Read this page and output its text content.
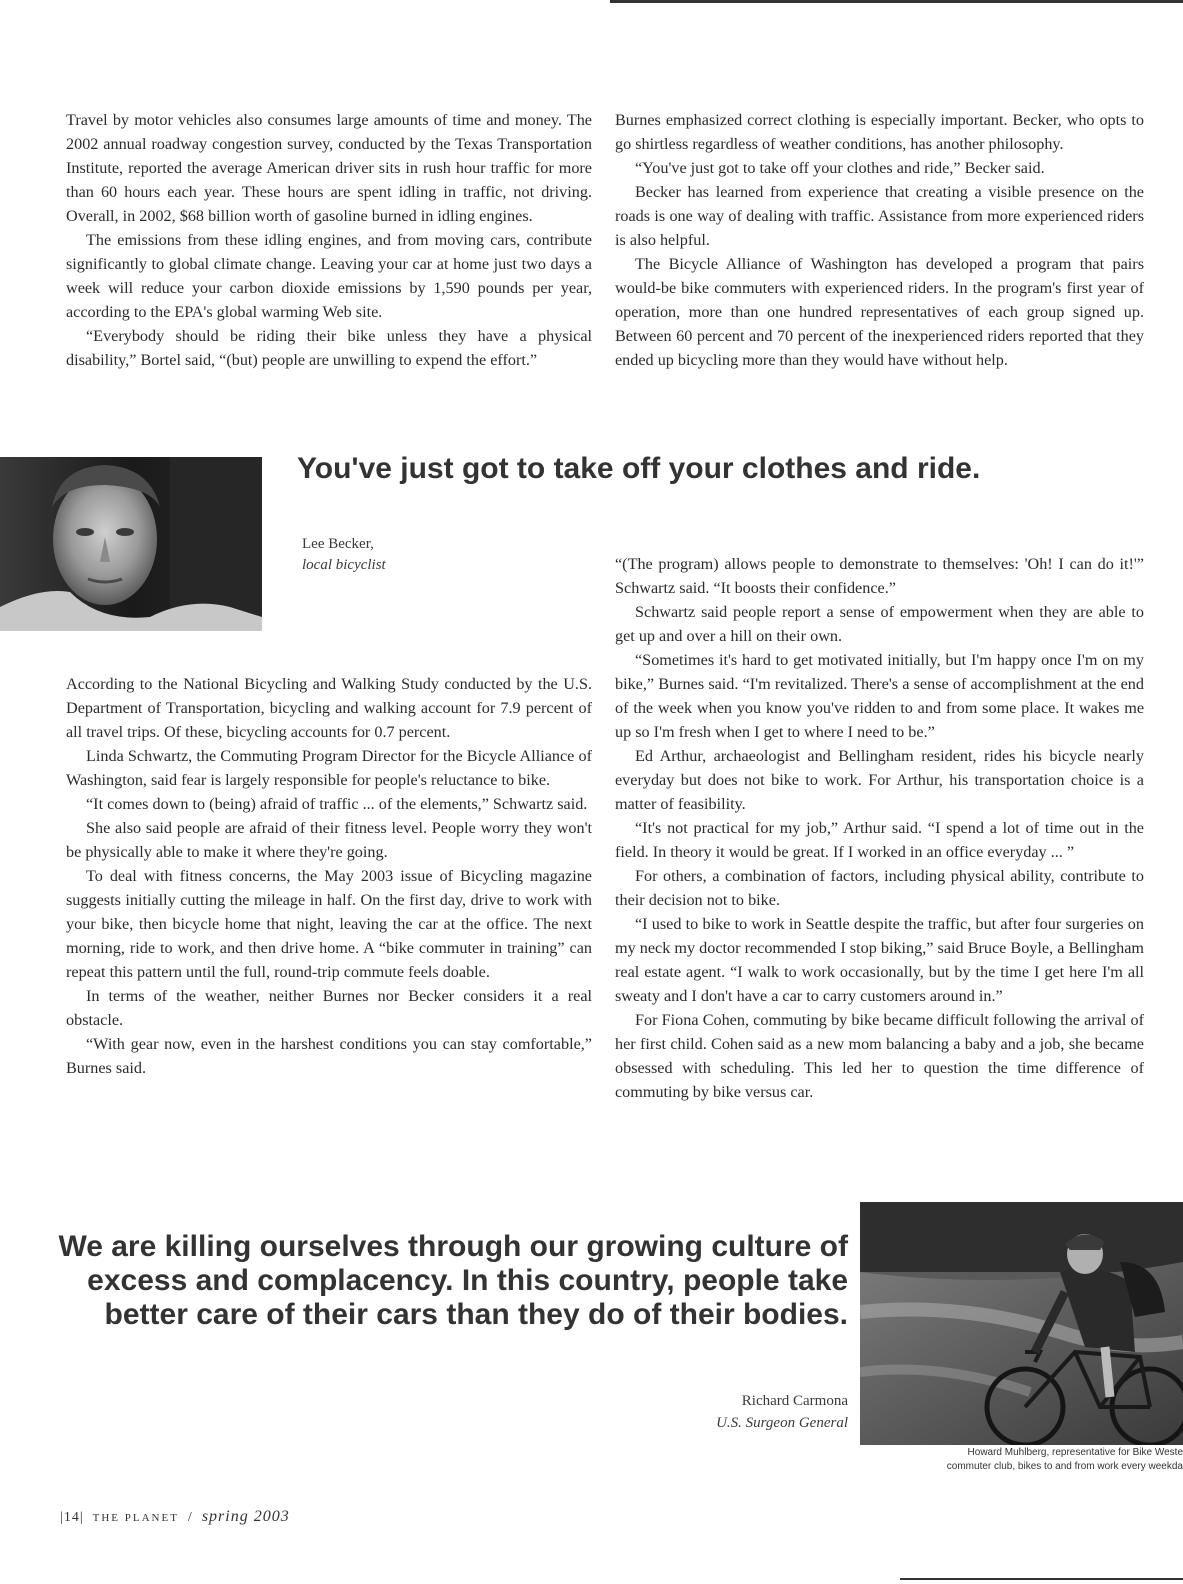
Travel by motor vehicles also consumes large amounts of time and money. The 2002 annual roadway congestion survey, conducted by the Texas Transportation Institute, reported the average American driver sits in rush hour traffic for more than 60 hours each year. These hours are spent idling in traffic, not driving. Overall, in 2002, $68 billion worth of gasoline burned in idling engines.

The emissions from these idling engines, and from moving cars, contribute significantly to global climate change. Leaving your car at home just two days a week will reduce your carbon dioxide emissions by 1,590 pounds per year, according to the EPA's global warming Web site.

“Everybody should be riding their bike unless they have a physical disability,” Bortel said, “(but) people are unwilling to expend the effort.”

Burnes emphasized correct clothing is especially important. Becker, who opts to go shirtless regardless of weather conditions, has another philosophy.

“You've just got to take off your clothes and ride,” Becker said.

Becker has learned from experience that creating a visible presence on the roads is one way of dealing with traffic. Assistance from more experienced riders is also helpful.

The Bicycle Alliance of Washington has developed a program that pairs would-be bike commuters with experienced riders. In the program's first year of operation, more than one hundred representatives of each group signed up. Between 60 percent and 70 percent of the inexperienced riders reported that they ended up bicycling more than they would have without help.

You've just got to take off your clothes and ride.
Lee Becker,
local bicyclist

According to the National Bicycling and Walking Study conducted by the U.S. Department of Transportation, bicycling and walking account for 7.9 percent of all travel trips. Of these, bicycling accounts for 0.7 percent.

Linda Schwartz, the Commuting Program Director for the Bicycle Alliance of Washington, said fear is largely responsible for people's reluctance to bike.

“It comes down to (being) afraid of traffic ... of the elements,” Schwartz said.

She also said people are afraid of their fitness level. People worry they won't be physically able to make it where they're going.

To deal with fitness concerns, the May 2003 issue of Bicycling magazine suggests initially cutting the mileage in half. On the first day, drive to work with your bike, then bicycle home that night, leaving the car at the office. The next morning, ride to work, and then drive home. A “bike commuter in training” can repeat this pattern until the full, round-trip commute feels doable.

In terms of the weather, neither Burnes nor Becker considers it a real obstacle.

“With gear now, even in the harshest conditions you can stay comfortable,” Burnes said.

“(The program) allows people to demonstrate to themselves: 'Oh! I can do it!'” Schwartz said. “It boosts their confidence.”

Schwartz said people report a sense of empowerment when they are able to get up and over a hill on their own.

“Sometimes it's hard to get motivated initially, but I'm happy once I'm on my bike,” Burnes said. “I'm revitalized. There's a sense of accomplishment at the end of the week when you know you've ridden to and from some place. It wakes me up so I'm fresh when I get to where I need to be.”

Ed Arthur, archaeologist and Bellingham resident, rides his bicycle nearly everyday but does not bike to work. For Arthur, his transportation choice is a matter of feasibility.

“It's not practical for my job,” Arthur said. “I spend a lot of time out in the field. In theory it would be great. If I worked in an office everyday ... ”

For others, a combination of factors, including physical ability, contribute to their decision not to bike.

“I used to bike to work in Seattle despite the traffic, but after four surgeries on my neck my doctor recommended I stop biking,” said Bruce Boyle, a Bellingham real estate agent. “I walk to work occasionally, but by the time I get here I'm all sweaty and I don't have a car to carry customers around in.”

For Fiona Cohen, commuting by bike became difficult following the arrival of her first child. Cohen said as a new mom balancing a baby and a job, she became obsessed with scheduling. This led her to question the time difference of commuting by bike versus car.

We are killing ourselves through our growing culture of excess and complacency. In this country, people take better care of their cars than they do of their bodies.
Richard Carmona
U.S. Surgeon General
Howard Muhlberg, representative for Bike Weste
commuter club, bikes to and from work every weekda
|14|  THE PLANET / spring 2003
